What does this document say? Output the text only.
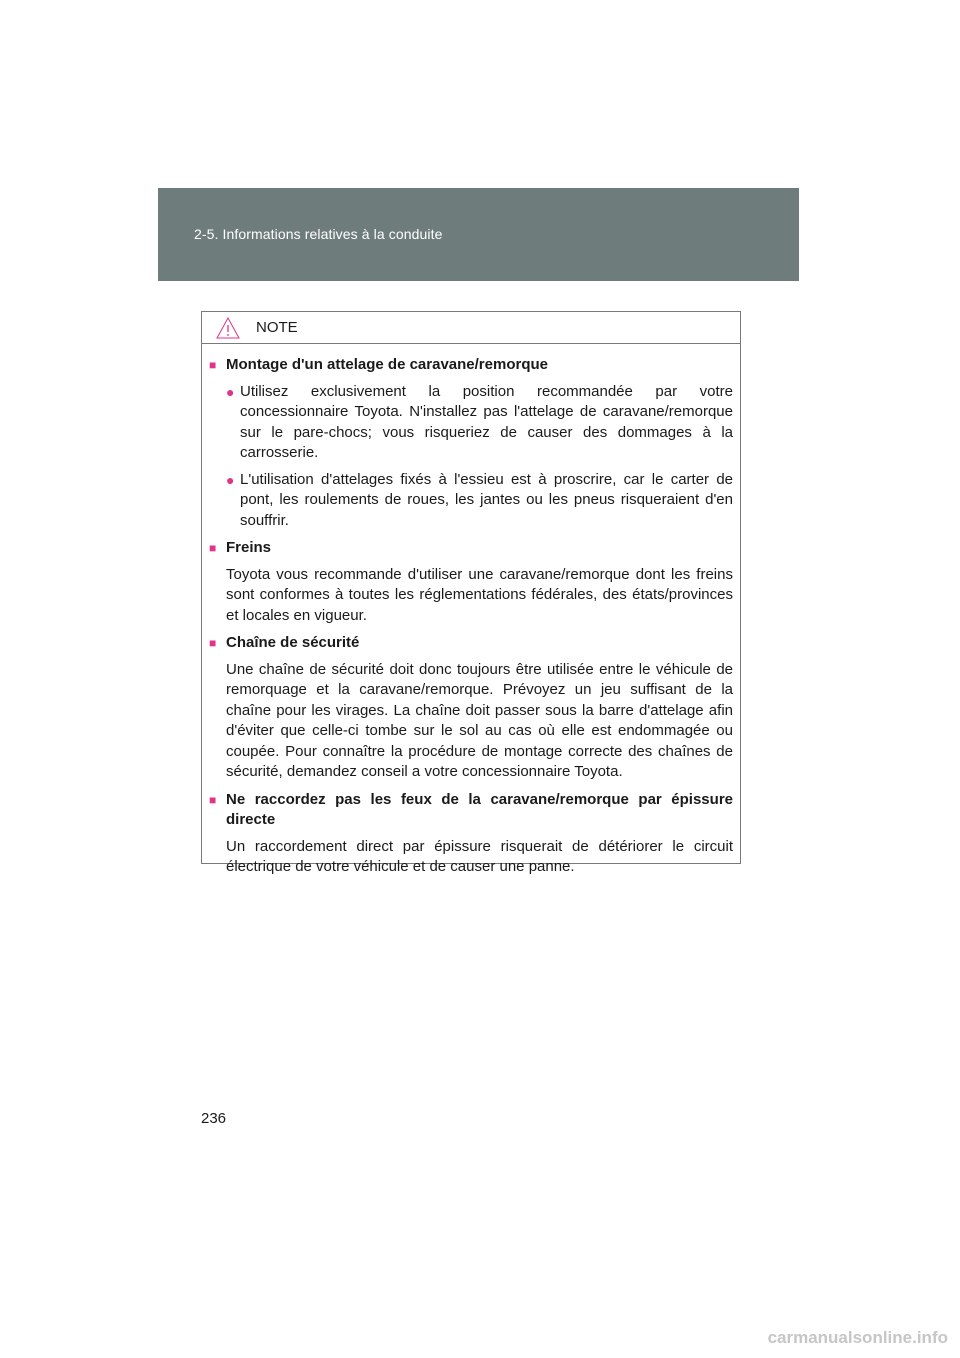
2-5. Informations relatives à la conduite
NOTE
■ Montage d'un attelage de caravane/remorque
● Utilisez exclusivement la position recommandée par votre concessionnaire Toyota. N'installez pas l'attelage de caravane/remorque sur le pare-chocs; vous risqueriez de causer des dommages à la carrosserie.
● L'utilisation d'attelages fixés à l'essieu est à proscrire, car le carter de pont, les roulements de roues, les jantes ou les pneus risqueraient d'en souffrir.
■ Freins
Toyota vous recommande d'utiliser une caravane/remorque dont les freins sont conformes à toutes les réglementations fédérales, des états/provinces et locales en vigueur.
■ Chaîne de sécurité
Une chaîne de sécurité doit donc toujours être utilisée entre le véhicule de remorquage et la caravane/remorque. Prévoyez un jeu suffisant de la chaîne pour les virages. La chaîne doit passer sous la barre d'attelage afin d'éviter que celle-ci tombe sur le sol au cas où elle est endommagée ou coupée. Pour connaître la procédure de montage correcte des chaînes de sécurité, demandez conseil a votre concessionnaire Toyota.
■ Ne raccordez pas les feux de la caravane/remorque par épissure directe
Un raccordement direct par épissure risquerait de détériorer le circuit électrique de votre véhicule et de causer une panne.
236
carmanualsonline.info
